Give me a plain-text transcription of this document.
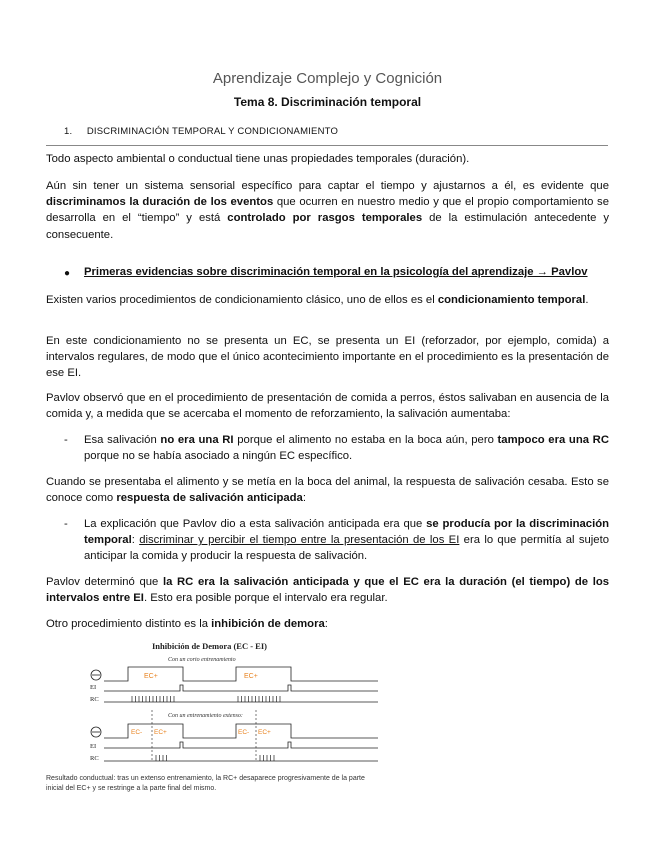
Aprendizaje Complejo y Cognición
Tema 8. Discriminación temporal
1. DISCRIMINACIÓN TEMPORAL Y CONDICIONAMIENTO
Todo aspecto ambiental o conductual tiene unas propiedades temporales (duración).
Aún sin tener un sistema sensorial específico para captar el tiempo y ajustarnos a él, es evidente que discriminamos la duración de los eventos que ocurren en nuestro medio y que el propio comportamiento se desarrolla en el “tiempo” y está controlado por rasgos temporales de la estimulación antecedente y consecuente.
● Primeras evidencias sobre discriminación temporal en la psicología del aprendizaje → Pavlov
Existen varios procedimientos de condicionamiento clásico, uno de ellos es el condicionamiento temporal.
En este condicionamiento no se presenta un EC, se presenta un EI (reforzador, por ejemplo, comida) a intervalos regulares, de modo que el único acontecimiento importante en el procedimiento es la presentación de ese EI.
Pavlov observó que en el procedimiento de presentación de comida a perros, éstos salivaban en ausencia de la comida y, a medida que se acercaba el momento de reforzamiento, la salivación aumentaba:
- Esa salivación no era una RI porque el alimento no estaba en la boca aún, pero tampoco era una RC porque no se había asociado a ningún EC específico.
Cuando se presentaba el alimento y se metía en la boca del animal, la respuesta de salivación cesaba. Esto se conoce como respuesta de salivación anticipada:
- La explicación que Pavlov dio a esta salivación anticipada era que se producía por la discriminación temporal: discriminar y percibir el tiempo entre la presentación de los EI era lo que permitía al sujeto anticipar la comida y producir la respuesta de salivación.
Pavlov determinó que la RC era la salivación anticipada y que el EC era la duración (el tiempo) de los intervalos entre EI. Esto era posible porque el intervalo era regular.
Otro procedimiento distinto es la inhibición de demora:
Inhibición de Demora (EC - EI)
Con un corto entrenamiento
EC+	EC+
EI
RC
Con un entrenamiento extenso:
EC- EC+	EC- EC+
EI
RC
Resultado conductual: tras un extenso entrenamiento, la RC+ desaparece progresivamente de la parte
inicial del EC+ y se restringe a la parte final del mismo.
